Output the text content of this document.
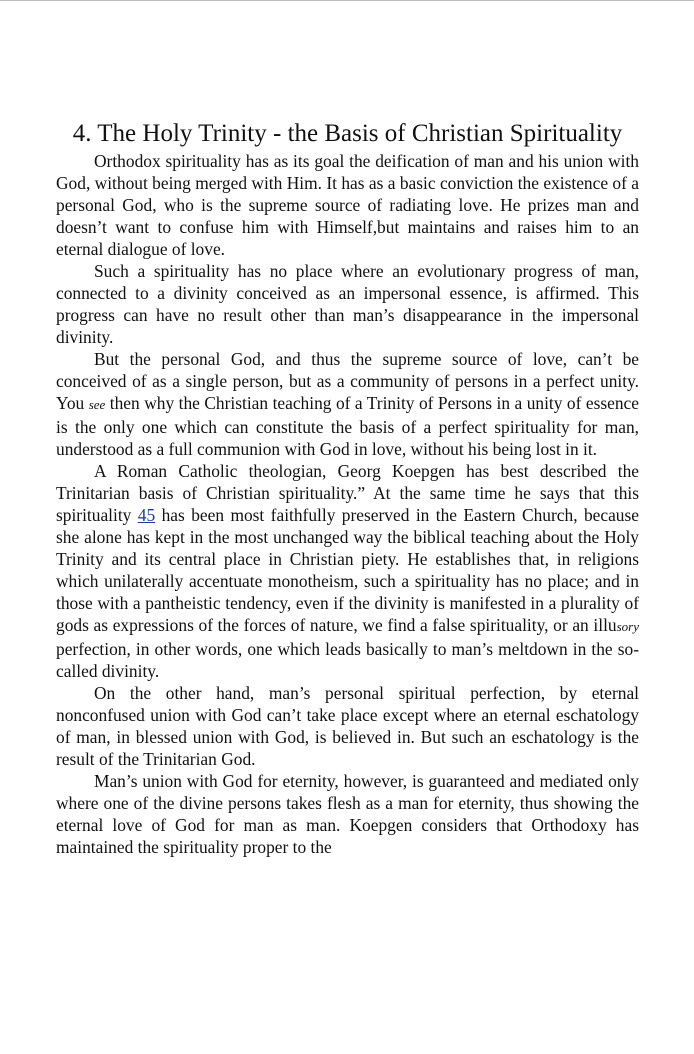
4. The Holy Trinity - the Basis of Christian Spirituality

Orthodox spirituality has as its goal the deification of man and his union with God, without being merged with Him. It has as a basic conviction the existence of a personal God, who is the supreme source of radiating love. He prizes man and doesn’t want to confuse him with Himself,but maintains and raises him to an eternal dialogue of love.

Such a spirituality has no place where an evolutionary progress of man, connected to a divinity conceived as an impersonal essence, is affirmed. This progress can have no result other than man’s disappearance in the impersonal divinity.

But the personal God, and thus the supreme source of love, can’t be conceived of as a single person, but as a community of persons in a perfect unity. You see then why the Christian teaching of a Trinity of Persons in a unity of essence is the only one which can constitute the basis of a perfect spirituality for man, understood as a full communion with God in love, without his being lost in it.

A Roman Catholic theologian, Georg Koepgen has best described the Trinitarian basis of Christian spirituality.” At the same time he says that this spirituality 45 has been most faithfully preserved in the Eastern Church, because she alone has kept in the most unchanged way the biblical teaching about the Holy Trinity and its central place in Christian piety. He establishes that, in religions which unilaterally accentuate monotheism, such a spirituality has no place; and in those with a pantheistic tendency, even if the divinity is manifested in a plurality of gods as expressions of the forces of nature, we find a false spirituality, or an illusory perfection, in other words, one which leads basically to man’s meltdown in the so-called divinity.

On the other hand, man’s personal spiritual perfection, by eternal nonconfused union with God can’t take place except where an eternal eschatology of man, in blessed union with God, is believed in. But such an eschatology is the result of the Trinitarian God.

Man’s union with God for eternity, however, is guaranteed and mediated only where one of the divine persons takes flesh as a man for eternity, thus showing the eternal love of God for man as man. Koepgen considers that Orthodoxy has maintained the spirituality proper to the
